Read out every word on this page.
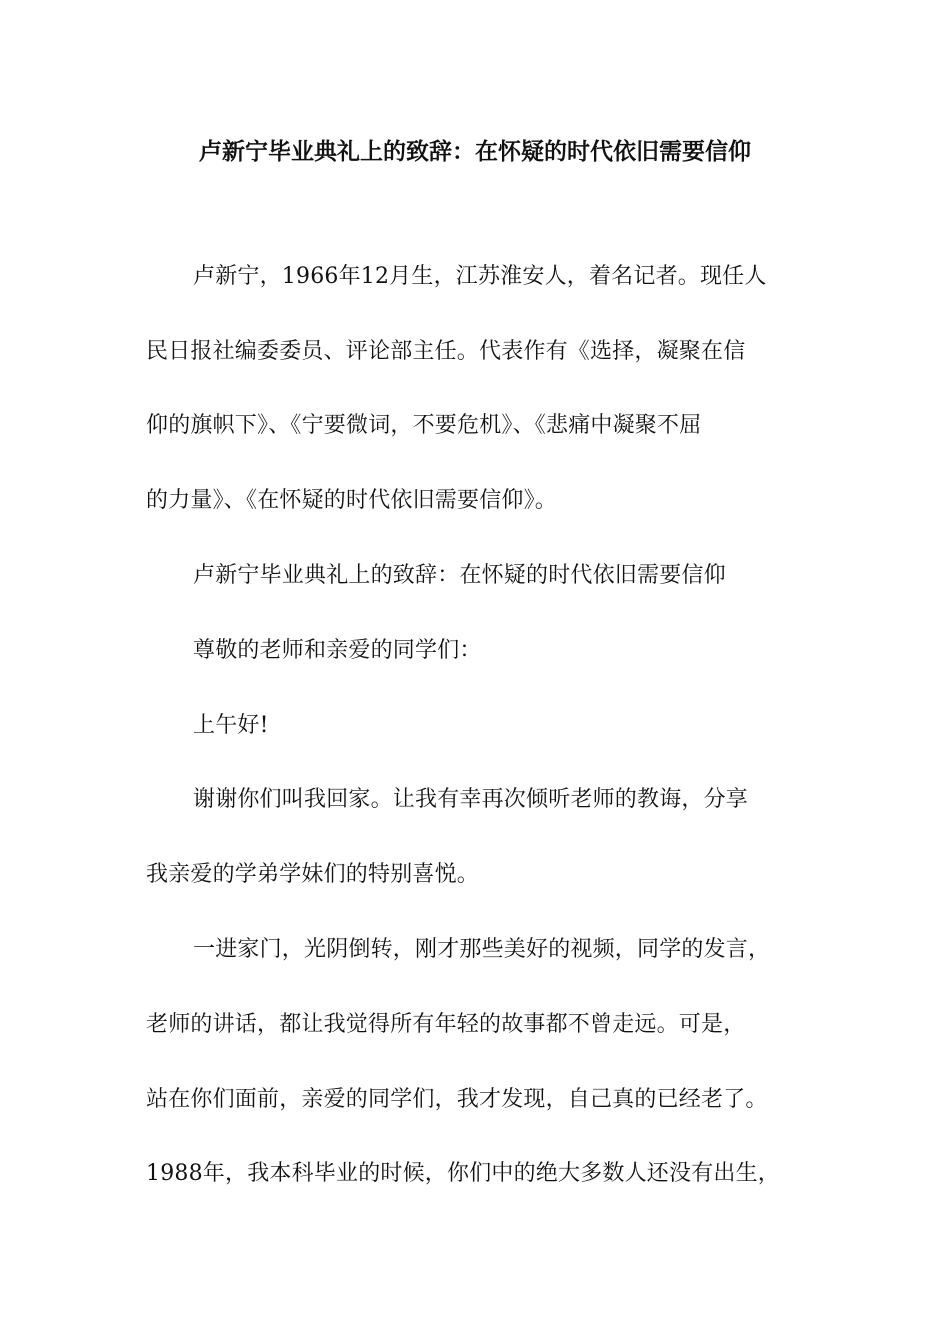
卢新宁毕业典礼上的致辞：在怀疑的时代依旧需要信仰
卢新宁，1966年12月生，江苏淮安人，着名记者。现任人
民日报社编委委员、评论部主任。代表作有《选择，凝聚在信
仰的旗帜下》、《宁要微词，不要危机》、《悲痛中凝聚不屈
的力量》、《在怀疑的时代依旧需要信仰》。
卢新宁毕业典礼上的致辞：在怀疑的时代依旧需要信仰
尊敬的老师和亲爱的同学们：
上午好!
谢谢你们叫我回家。让我有幸再次倾听老师的教诲，分享
我亲爱的学弟学妹们的特别喜悦。
一进家门，光阴倒转，刚才那些美好的视频，同学的发言，
老师的讲话，都让我觉得所有年轻的故事都不曾走远。可是，
站在你们面前，亲爱的同学们，我才发现，自己真的已经老了。
1988年，我本科毕业的时候，你们中的绝大多数人还没有出生，
